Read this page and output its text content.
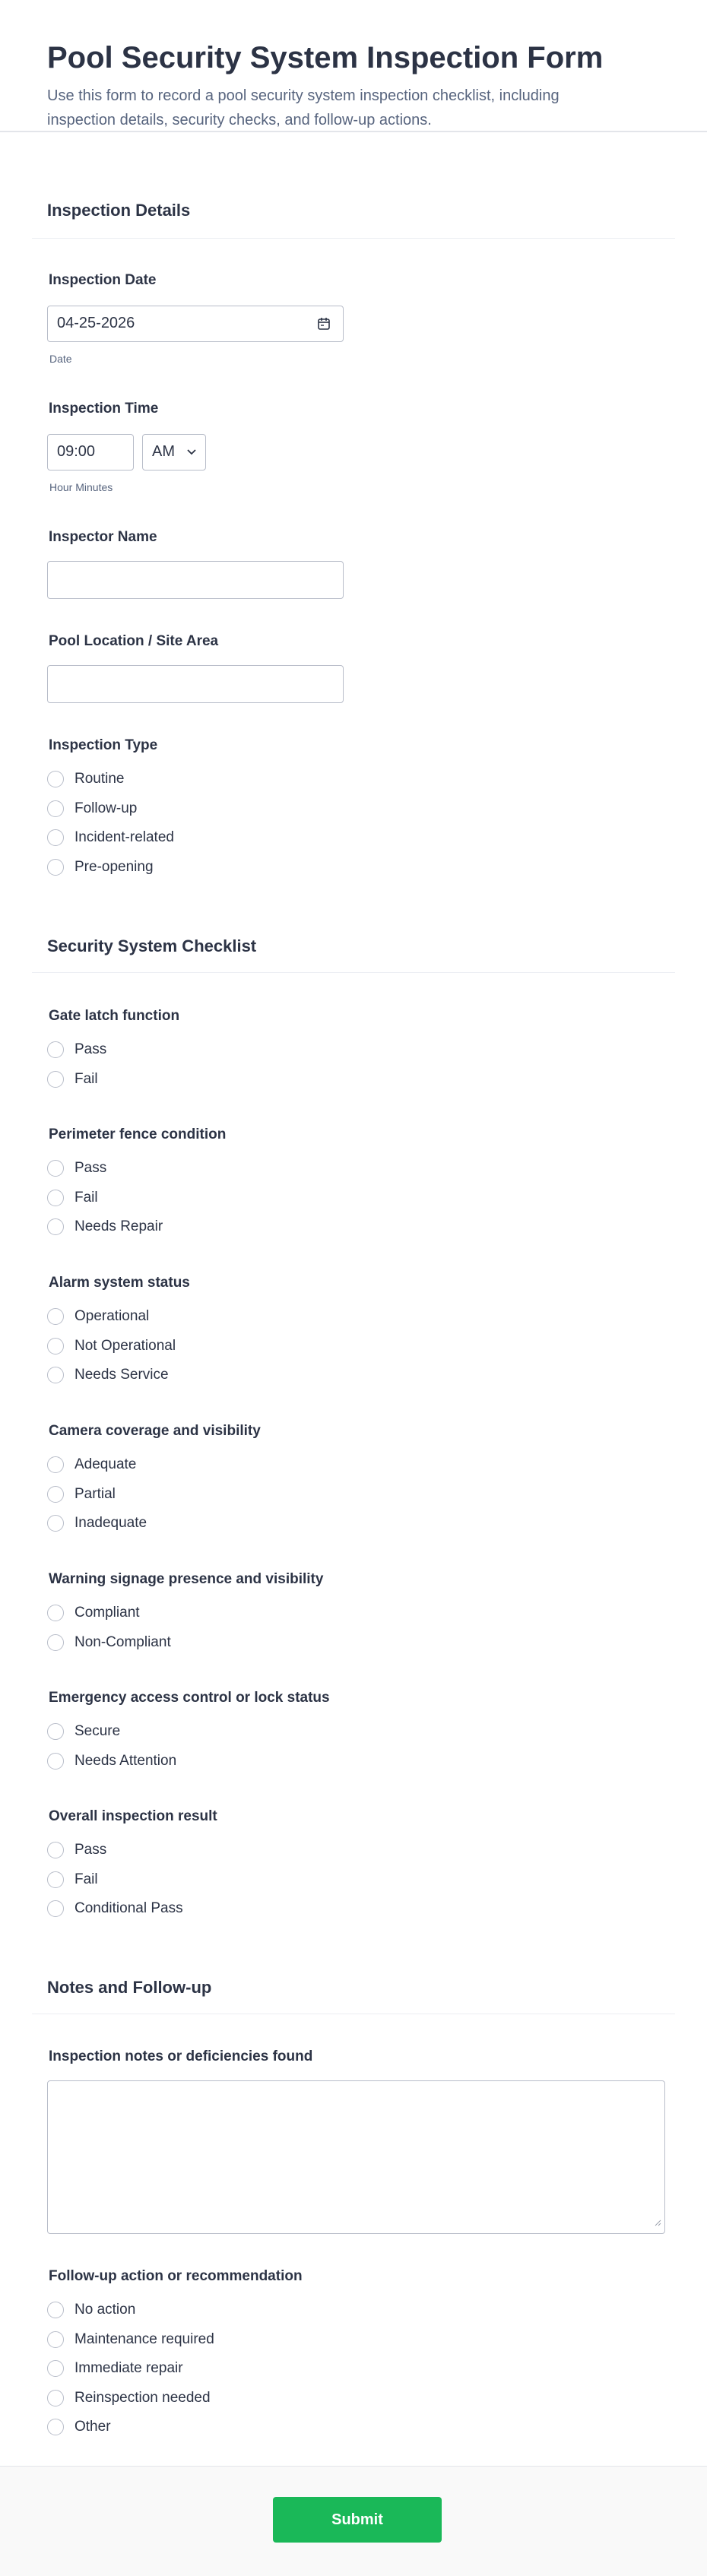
Pool Security System Inspection Form
Use this form to record a pool security system inspection checklist, including inspection details, security checks, and follow-up actions.
Inspection Details
Inspection Date
04-25-2026
Date
Inspection Time
09:00	AM
Hour Minutes
Inspector Name
Pool Location / Site Area
Inspection Type
Routine
Follow-up
Incident-related
Pre-opening
Security System Checklist
Gate latch function
Pass
Fail
Perimeter fence condition
Pass
Fail
Needs Repair
Alarm system status
Operational
Not Operational
Needs Service
Camera coverage and visibility
Adequate
Partial
Inadequate
Warning signage presence and visibility
Compliant
Non-Compliant
Emergency access control or lock status
Secure
Needs Attention
Overall inspection result
Pass
Fail
Conditional Pass
Notes and Follow-up
Inspection notes or deficiencies found
Follow-up action or recommendation
No action
Maintenance required
Immediate repair
Reinspection needed
Other
Submit
